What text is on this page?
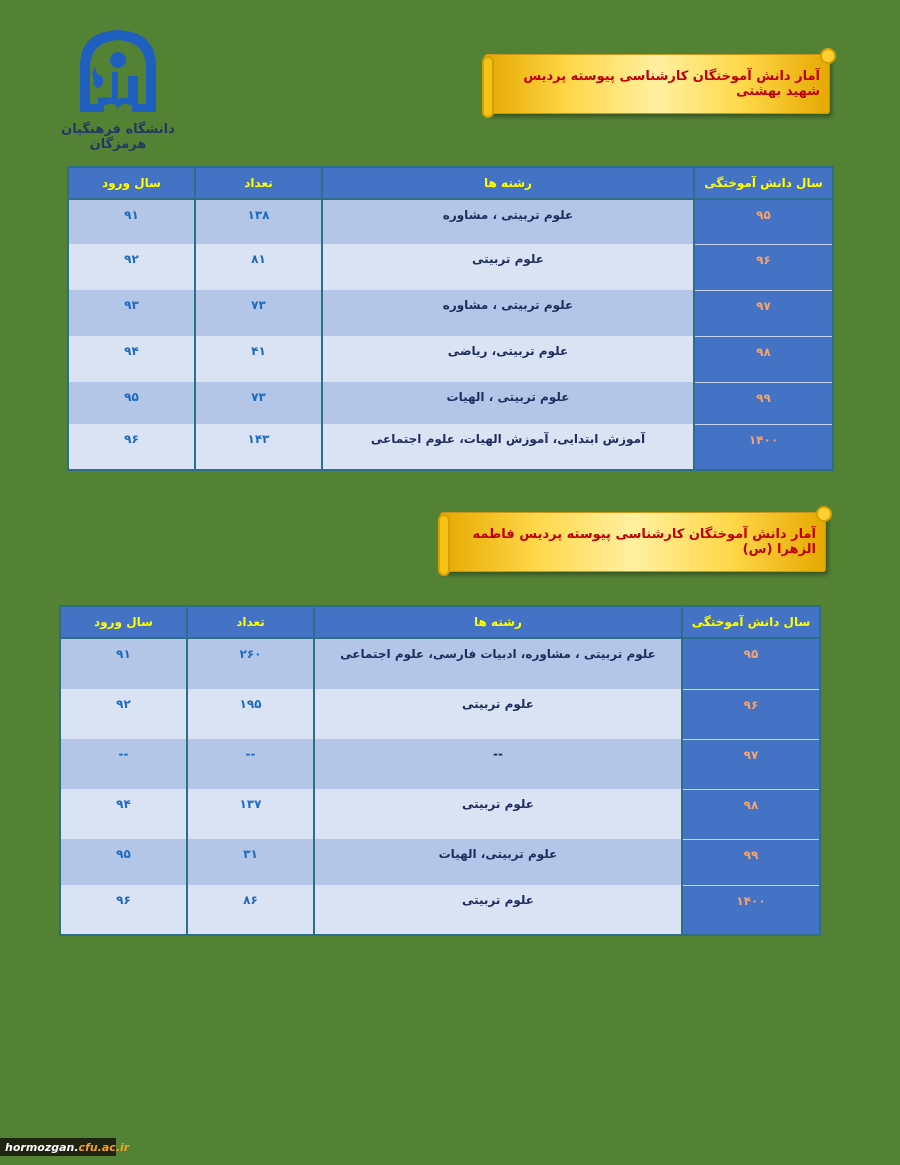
دانشگاه فرهنگیان هرمزگان
آمار دانش آموختگان کارشناسی پیوسته پردیس شهید بهشتی
سال دانش آموختگی	رشته ها	تعداد	سال ورود
۹۵	علوم تربیتی ، مشاوره	۱۳۸	۹۱
۹۶	علوم تربیتی	۸۱	۹۲
۹۷	علوم تربیتی ، مشاوره	۷۳	۹۳
۹۸	علوم تربیتی، ریاضی	۴۱	۹۴
۹۹	علوم تربیتی ، الهیات	۷۳	۹۵
۱۴۰۰	آموزش ابتدایی، آموزش الهیات، علوم اجتماعی	۱۴۳	۹۶
آمار دانش آموختگان کارشناسی پیوسته پردیس فاطمه الزهرا (س)
سال دانش آموختگی	رشته ها	تعداد	سال ورود
۹۵	علوم تربیتی ، مشاوره، ادبیات فارسی، علوم اجتماعی	۲۶۰	۹۱
۹۶	علوم تربیتی	۱۹۵	۹۲
۹۷	--	--	--
۹۸	علوم تربیتی	۱۳۷	۹۴
۹۹	علوم تربیتی، الهیات	۳۱	۹۵
۱۴۰۰	علوم تربیتی	۸۶	۹۶
hormozgan. cfu.ac.ir
